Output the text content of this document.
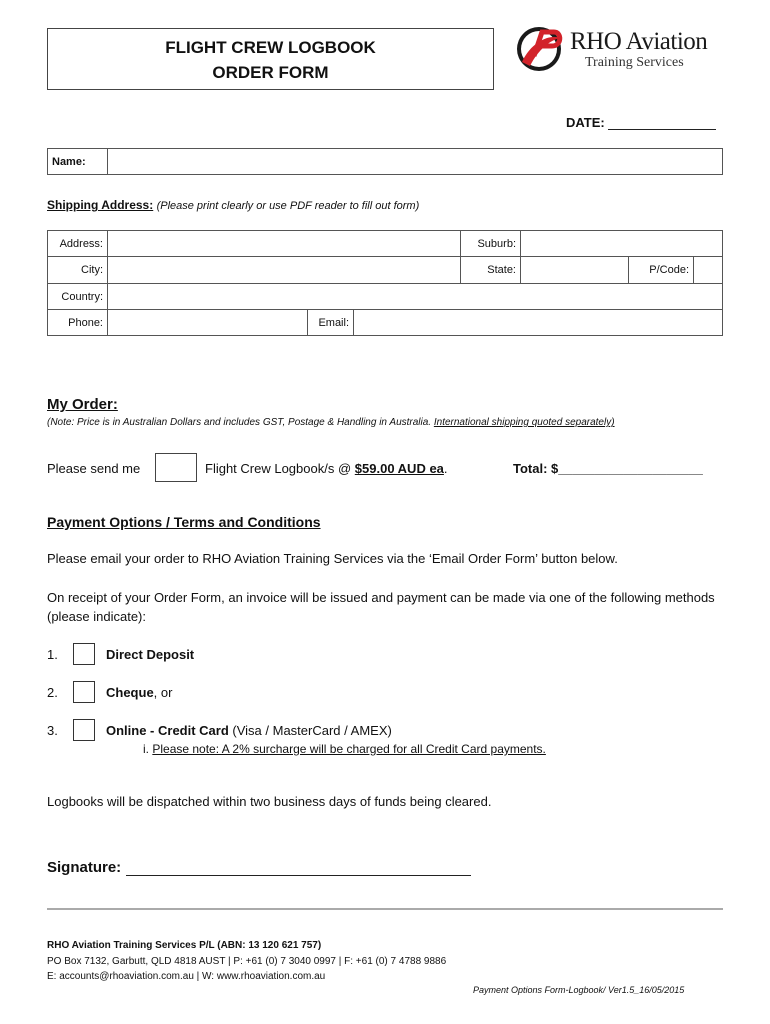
FLIGHT CREW LOGBOOK
ORDER FORM
RHO Aviation
Training Services
DATE:
Name:	
Shipping Address: (Please print clearly or use PDF reader to fill out form)
Address:				Suburb:		
City:				State:		P/Code:

Country:						
Phone:		Email:				
My Order:
(Note: Price is in Australian Dollars and includes GST, Postage & Handling in Australia. International shipping quoted separately)
Please send me	Flight Crew Logbook/s @ $59.00 AUD ea.	Total: $____________________
Payment Options / Terms and Conditions
Please email your order to RHO Aviation Training Services via the ‘Email Order Form’ button below.
On receipt of your Order Form, an invoice will be issued and payment can be made via one of the following methods (please indicate):
1.	Direct Deposit
2.	Cheque, or
3.	Online - Credit Card (Visa / MasterCard / AMEX)
i. Please note: A 2% surcharge will be charged for all Credit Card payments.
Logbooks will be dispatched within two business days of funds being cleared.
Signature:
RHO Aviation Training Services P/L (ABN: 13 120 621 757)
PO Box 7132, Garbutt, QLD 4818 AUST | P: +61 (0) 7 3040 0997 | F: +61 (0) 7 4788 9886
E: accounts@rhoaviation.com.au | W: www.rhoaviation.com.au
Payment Options Form-Logbook/ Ver1.5_16/05/2015
